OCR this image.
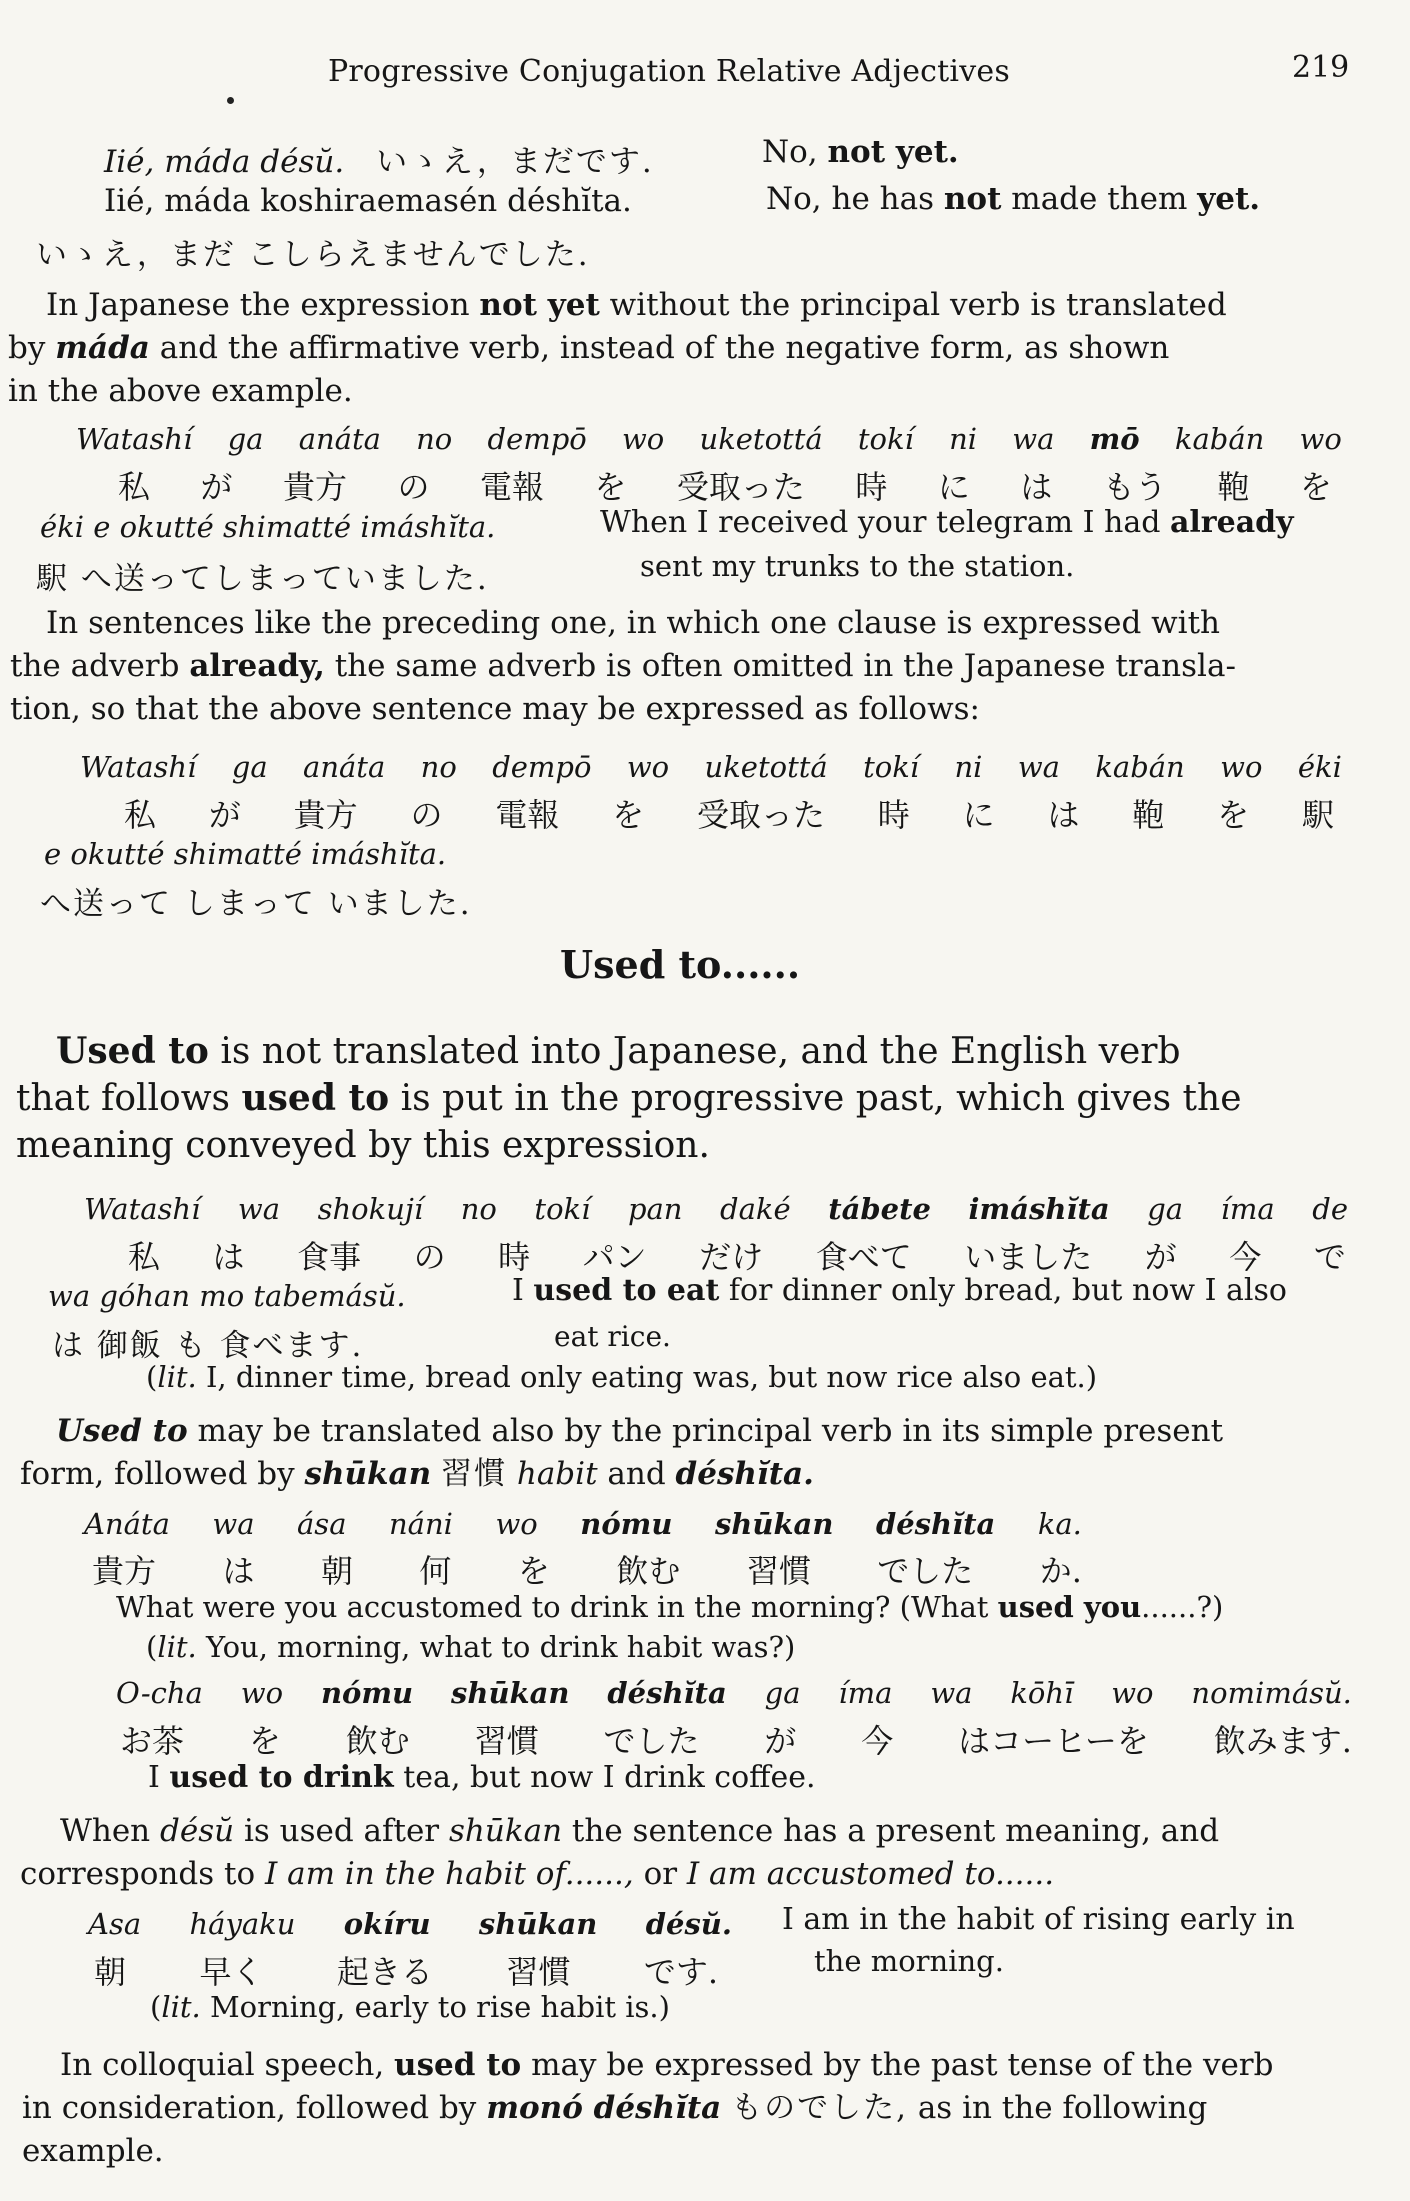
Progressive Conjugation Relative Adjectives	219
Iié, máda désŭ. いゝえ，まだです.	No, not yet.
Iié, máda koshiraemasén déshĭta.	No, he has not made them yet.
いゝえ，まだ こしらえませんでした.
In Japanese the expression not yet without the principal verb is translated
by máda and the affirmative verb, instead of the negative form, as shown
in the above example.
Watashí ga anáta no dempō wo uketottá tokí ni wa mō kabán wo
私 が 貴方 の 電報 を 受取った 時 に は もう 鞄 を
éki e okutté shimatté imáshĭta.	When I received your telegram I had already
駅 へ送ってしまっていました.	sent my trunks to the station.
In sentences like the preceding one, in which one clause is expressed with
the adverb already, the same adverb is often omitted in the Japanese transla-
tion, so that the above sentence may be expressed as follows:
Watashí ga anáta no dempō wo uketottá tokí ni wa kabán wo éki
私 が 貴方 の 電報 を 受取った 時 に は 鞄 を 駅
e okutté shimatté imáshĭta.
へ送って しまって いました.
Used to......
Used to is not translated into Japanese, and the English verb
that follows used to is put in the progressive past, which gives the
meaning conveyed by this expression.
Watashí wa shokují no tokí pan daké tábete imáshĭta ga íma de
私 は 食事 の 時 パン だけ 食べて いました が 今 で
wa góhan mo tabemásŭ.	I used to eat for dinner only bread, but now I also
は 御飯 も 食べます.	eat rice.
(lit. I, dinner time, bread only eating was, but now rice also eat.)
Used to may be translated also by the principal verb in its simple present
form, followed by shūkan 習慣 habit and déshĭta.
Anáta wa ása náni wo nómu shūkan déshĭta ka.
貴方 は 朝 何 を 飲む 習慣 でした か.
What were you accustomed to drink in the morning? (What used you......?)
(lit. You, morning, what to drink habit was?)
O-cha wo nómu shūkan déshĭta ga íma wa kōhī wo nomimásŭ.
お茶 を 飲む 習慣 でした が 今 はコーヒーを 飲みます.
I used to drink tea, but now I drink coffee.
When désŭ is used after shūkan the sentence has a present meaning, and
corresponds to I am in the habit of......, or I am accustomed to......
Asa háyaku okíru shūkan désŭ. I am in the habit of rising early in
朝 早く 起きる 習慣 です.	the morning.
(lit. Morning, early to rise habit is.)
In colloquial speech, used to may be expressed by the past tense of the verb
in consideration, followed by monó déshĭta ものでした, as in the following
example.
